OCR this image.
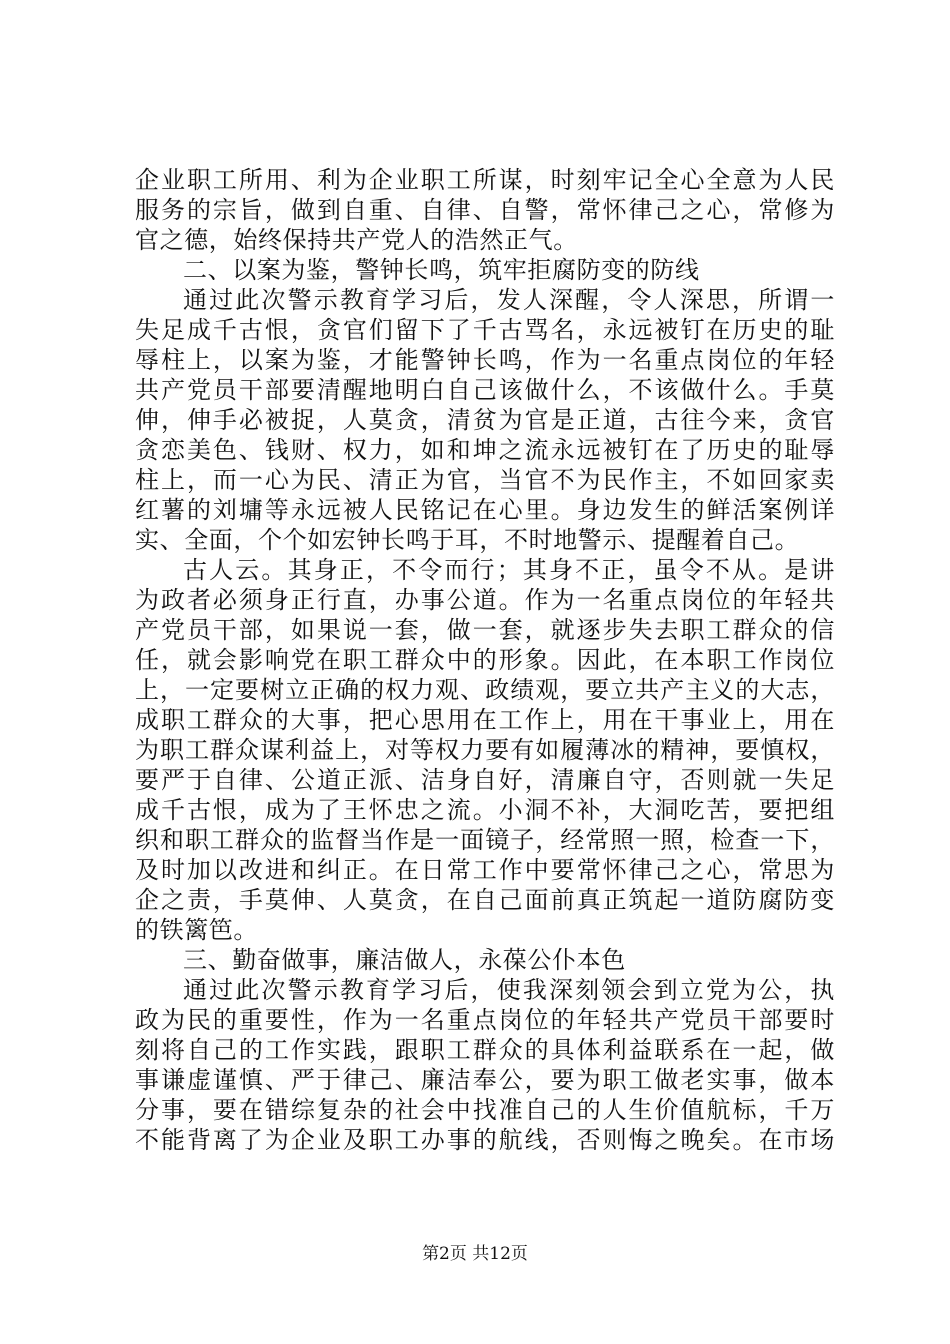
企业职工所用、利为企业职工所谋，时刻牢记全心全意为人民
服务的宗旨，做到自重、自律、自警，常怀律己之心，常修为
官之德，始终保持共产党人的浩然正气。
二、以案为鉴，警钟长鸣，筑牢拒腐防变的防线
通过此次警示教育学习后，发人深醒，令人深思，所谓一
失足成千古恨，贪官们留下了千古骂名，永远被钉在历史的耻
辱柱上，以案为鉴，才能警钟长鸣，作为一名重点岗位的年轻
共产党员干部要清醒地明白自己该做什么，不该做什么。手莫
伸，伸手必被捉，人莫贪，清贫为官是正道，古往今来，贪官
贪恋美色、钱财、权力，如和坤之流永远被钉在了历史的耻辱
柱上，而一心为民、清正为官，当官不为民作主，不如回家卖
红薯的刘墉等永远被人民铭记在心里。身边发生的鲜活案例详
实、全面，个个如宏钟长鸣于耳，不时地警示、提醒着自己。
古人云。其身正，不令而行；其身不正，虽令不从。是讲
为政者必须身正行直，办事公道。作为一名重点岗位的年轻共
产党员干部，如果说一套，做一套，就逐步失去职工群众的信
任，就会影响党在职工群众中的形象。因此，在本职工作岗位
上，一定要树立正确的权力观、政绩观，要立共产主义的大志，
成职工群众的大事，把心思用在工作上，用在干事业上，用在
为职工群众谋利益上，对等权力要有如履薄冰的精神，要慎权，
要严于自律、公道正派、洁身自好，清廉自守，否则就一失足
成千古恨，成为了王怀忠之流。小洞不补，大洞吃苦，要把组
织和职工群众的监督当作是一面镜子，经常照一照，检查一下，
及时加以改进和纠正。在日常工作中要常怀律己之心，常思为
企之责，手莫伸、人莫贪，在自己面前真正筑起一道防腐防变
的铁篱笆。
三、勤奋做事，廉洁做人，永葆公仆本色
通过此次警示教育学习后，使我深刻领会到立党为公，执
政为民的重要性，作为一名重点岗位的年轻共产党员干部要时
刻将自己的工作实践，跟职工群众的具体利益联系在一起，做
事谦虚谨慎、严于律己、廉洁奉公，要为职工做老实事，做本
分事，要在错综复杂的社会中找准自己的人生价值航标，千万
不能背离了为企业及职工办事的航线，否则悔之晚矣。在市场
第2页 共12页
